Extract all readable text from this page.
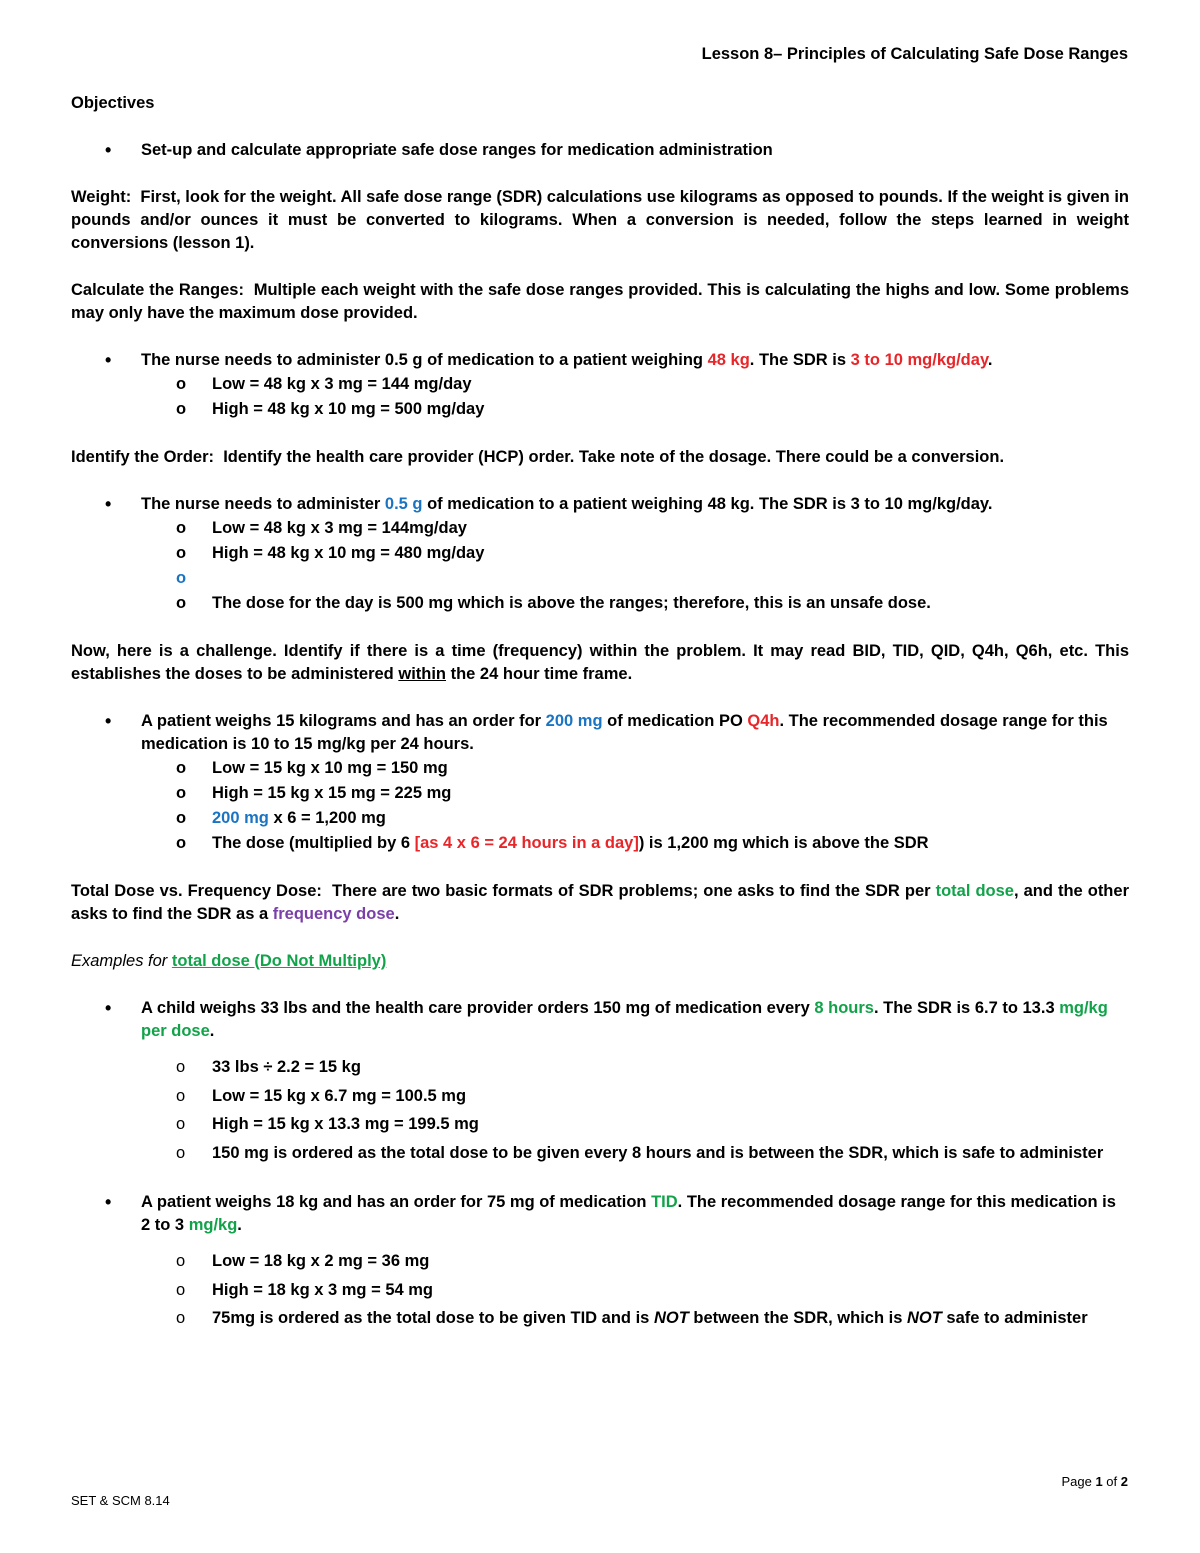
Lesson 8– Principles of Calculating Safe Dose Ranges

Objectives

• Set-up and calculate appropriate safe dose ranges for medication administration

Weight: First, look for the weight. All safe dose range (SDR) calculations use kilograms as opposed to pounds. If the weight is given in pounds and/or ounces it must be converted to kilograms. When a conversion is needed, follow the steps learned in weight conversions (lesson 1).

Calculate the Ranges: Multiple each weight with the safe dose ranges provided. This is calculating the highs and low. Some problems may only have the maximum dose provided.

• The nurse needs to administer 0.5 g of medication to a patient weighing 48 kg. The SDR is 3 to 10 mg/kg/day.
o Low = 48 kg x 3 mg = 144 mg/day
o High = 48 kg x 10 mg = 500 mg/day

Identify the Order: Identify the health care provider (HCP) order. Take note of the dosage. There could be a conversion.

• The nurse needs to administer 0.5 g of medication to a patient weighing 48 kg. The SDR is 3 to 10 mg/kg/day.
o Low = 48 kg x 3 mg = 144mg/day
o High = 48 kg x 10 mg = 480 mg/day
o

o The dose for the day is 500 mg which is above the ranges; therefore, this is an unsafe dose.

Now, here is a challenge. Identify if there is a time (frequency) within the problem. It may read BID, TID, QID, Q4h, Q6h, etc. This establishes the doses to be administered within the 24 hour time frame.

• A patient weighs 15 kilograms and has an order for 200 mg of medication PO Q4h. The recommended dosage range for this medication is 10 to 15 mg/kg per 24 hours.
o Low = 15 kg x 10 mg = 150 mg
o High = 15 kg x 15 mg = 225 mg
o 200 mg x 6 = 1,200 mg
o The dose (multiplied by 6 [as 4 x 6 = 24 hours in a day]) is 1,200 mg which is above the SDR

Total Dose vs. Frequency Dose: There are two basic formats of SDR problems; one asks to find the SDR per total dose, and the other asks to find the SDR as a frequency dose.

Examples for total dose (Do Not Multiply)

• A child weighs 33 lbs and the health care provider orders 150 mg of medication every 8 hours. The SDR is 6.7 to 13.3 mg/kg per dose.
o 33 lbs ÷ 2.2 = 15 kg
o Low = 15 kg x 6.7 mg = 100.5 mg
o High = 15 kg x 13.3 mg = 199.5 mg
o 150 mg is ordered as the total dose to be given every 8 hours and is between the SDR, which is safe to administer
• A patient weighs 18 kg and has an order for 75 mg of medication TID. The recommended dosage range for this medication is 2 to 3 mg/kg.
o Low = 18 kg x 2 mg = 36 mg
o High = 18 kg x 3 mg = 54 mg
o 75mg is ordered as the total dose to be given TID and is NOT between the SDR, which is NOT safe to administer
Page 1 of 2
SET & SCM 8.14
